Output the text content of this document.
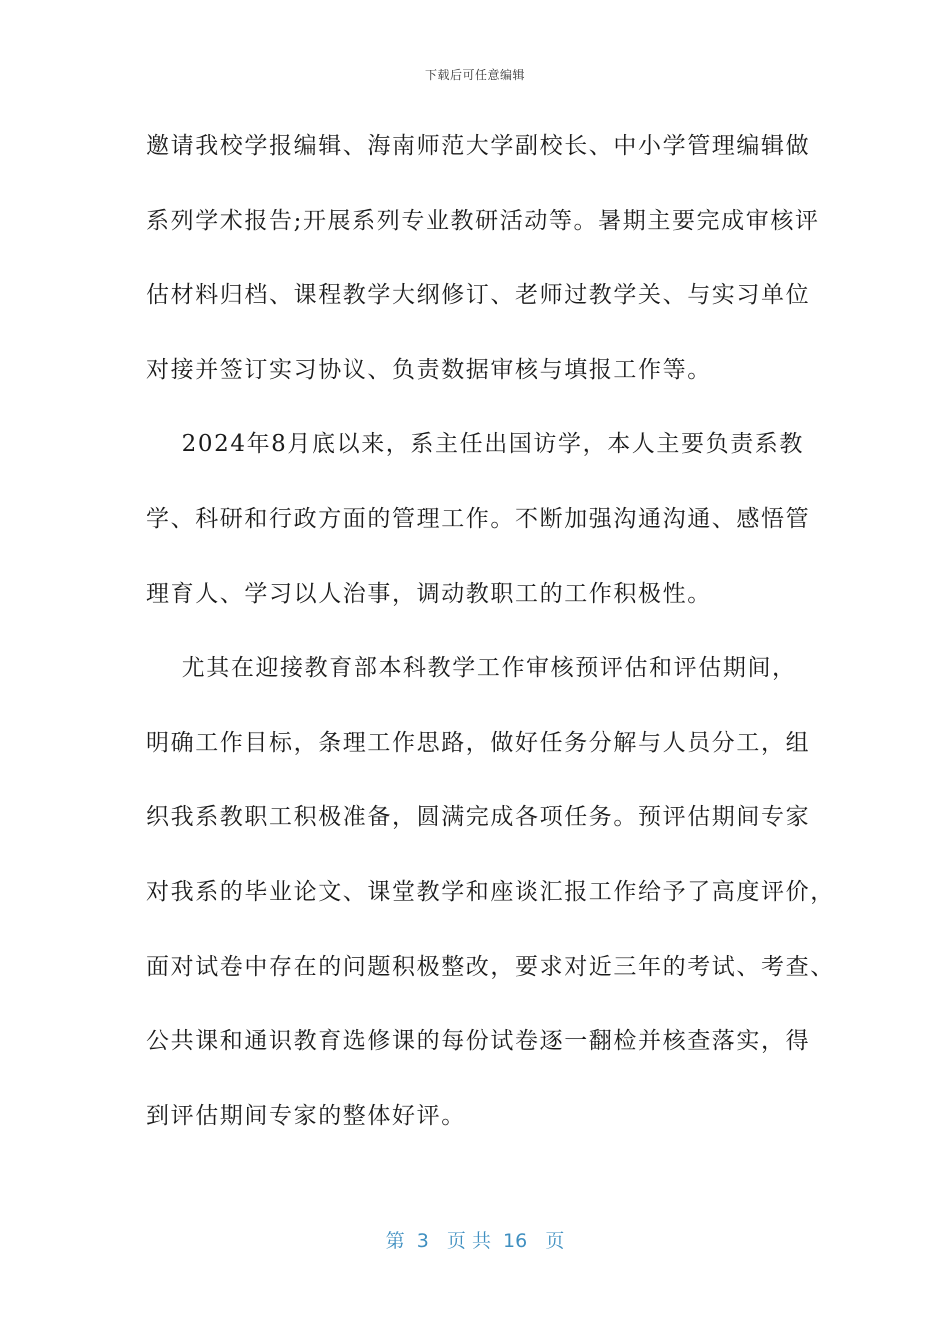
下载后可任意编辑
邀请我校学报编辑、海南师范大学副校长、中小学管理编辑做
系列学术报告;开展系列专业教研活动等。暑期主要完成审核评
估材料归档、课程教学大纲修订、老师过教学关、与实习单位
对接并签订实习协议、负责数据审核与填报工作等。
2024年8月底以来，系主任出国访学，本人主要负责系教
学、科研和行政方面的管理工作。不断加强沟通沟通、感悟管
理育人、学习以人治事，调动教职工的工作积极性。
尤其在迎接教育部本科教学工作审核预评估和评估期间，
明确工作目标，条理工作思路，做好任务分解与人员分工，组
织我系教职工积极准备，圆满完成各项任务。预评估期间专家
对我系的毕业论文、课堂教学和座谈汇报工作给予了高度评价，
面对试卷中存在的问题积极整改，要求对近三年的考试、考查、
公共课和通识教育选修课的每份试卷逐一翻检并核查落实，得
到评估期间专家的整体好评。
第  3   页 共  16   页
